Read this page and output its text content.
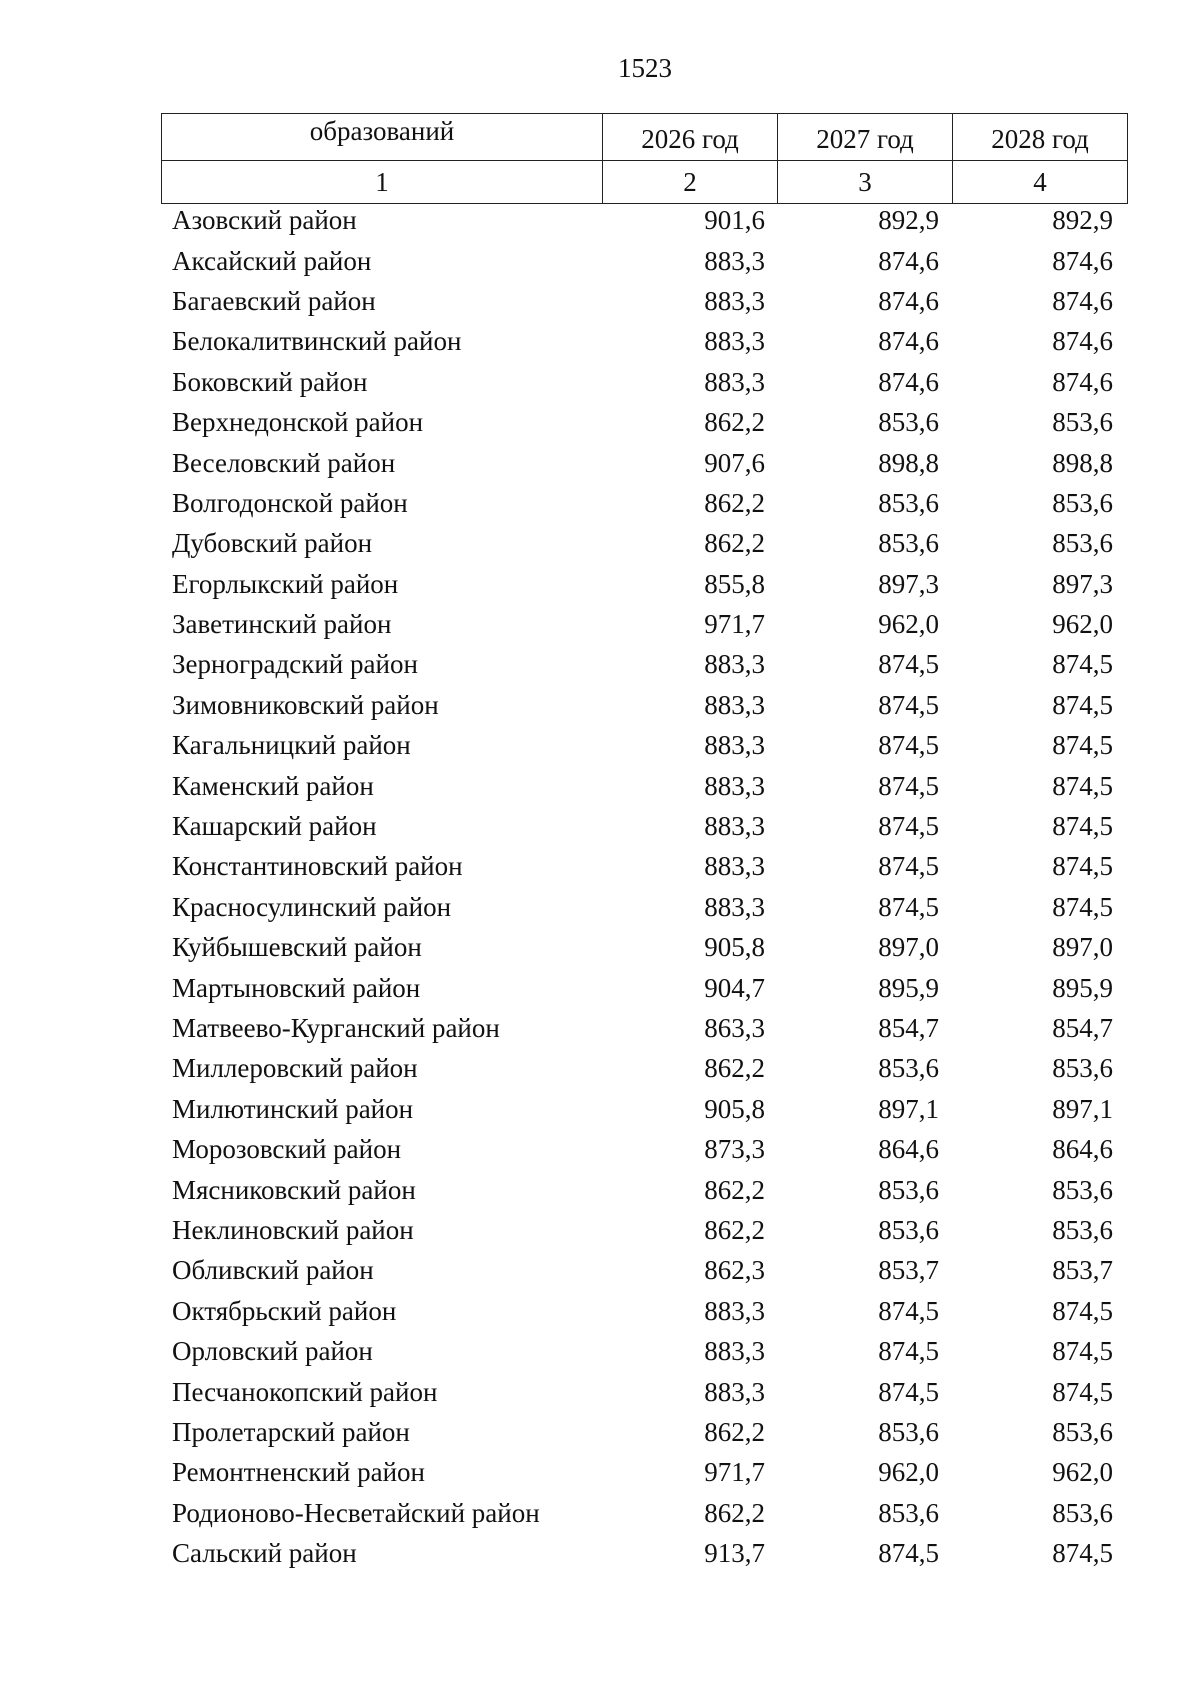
1523
образований	2026 год	2027 год	2028 год
1	2	3	4
Азовский район	901,6	892,9	892,9
Аксайский район	883,3	874,6	874,6
Багаевский район	883,3	874,6	874,6
Белокалитвинский район	883,3	874,6	874,6
Боковский район	883,3	874,6	874,6
Верхнедонской район	862,2	853,6	853,6
Веселовский район	907,6	898,8	898,8
Волгодонской район	862,2	853,6	853,6
Дубовский район	862,2	853,6	853,6
Егорлыкский район	855,8	897,3	897,3
Заветинский район	971,7	962,0	962,0
Зерноградский район	883,3	874,5	874,5
Зимовниковский район	883,3	874,5	874,5
Кагальницкий район	883,3	874,5	874,5
Каменский район	883,3	874,5	874,5
Кашарский район	883,3	874,5	874,5
Константиновский район	883,3	874,5	874,5
Красносулинский район	883,3	874,5	874,5
Куйбышевский район	905,8	897,0	897,0
Мартыновский район	904,7	895,9	895,9
Матвеево-Курганский район	863,3	854,7	854,7
Миллеровский район	862,2	853,6	853,6
Милютинский район	905,8	897,1	897,1
Морозовский район	873,3	864,6	864,6
Мясниковский район	862,2	853,6	853,6
Неклиновский район	862,2	853,6	853,6
Обливский район	862,3	853,7	853,7
Октябрьский район	883,3	874,5	874,5
Орловский район	883,3	874,5	874,5
Песчанокопский район	883,3	874,5	874,5
Пролетарский район	862,2	853,6	853,6
Ремонтненский район	971,7	962,0	962,0
Родионово-Несветайский район	862,2	853,6	853,6
Сальский район	913,7	874,5	874,5
